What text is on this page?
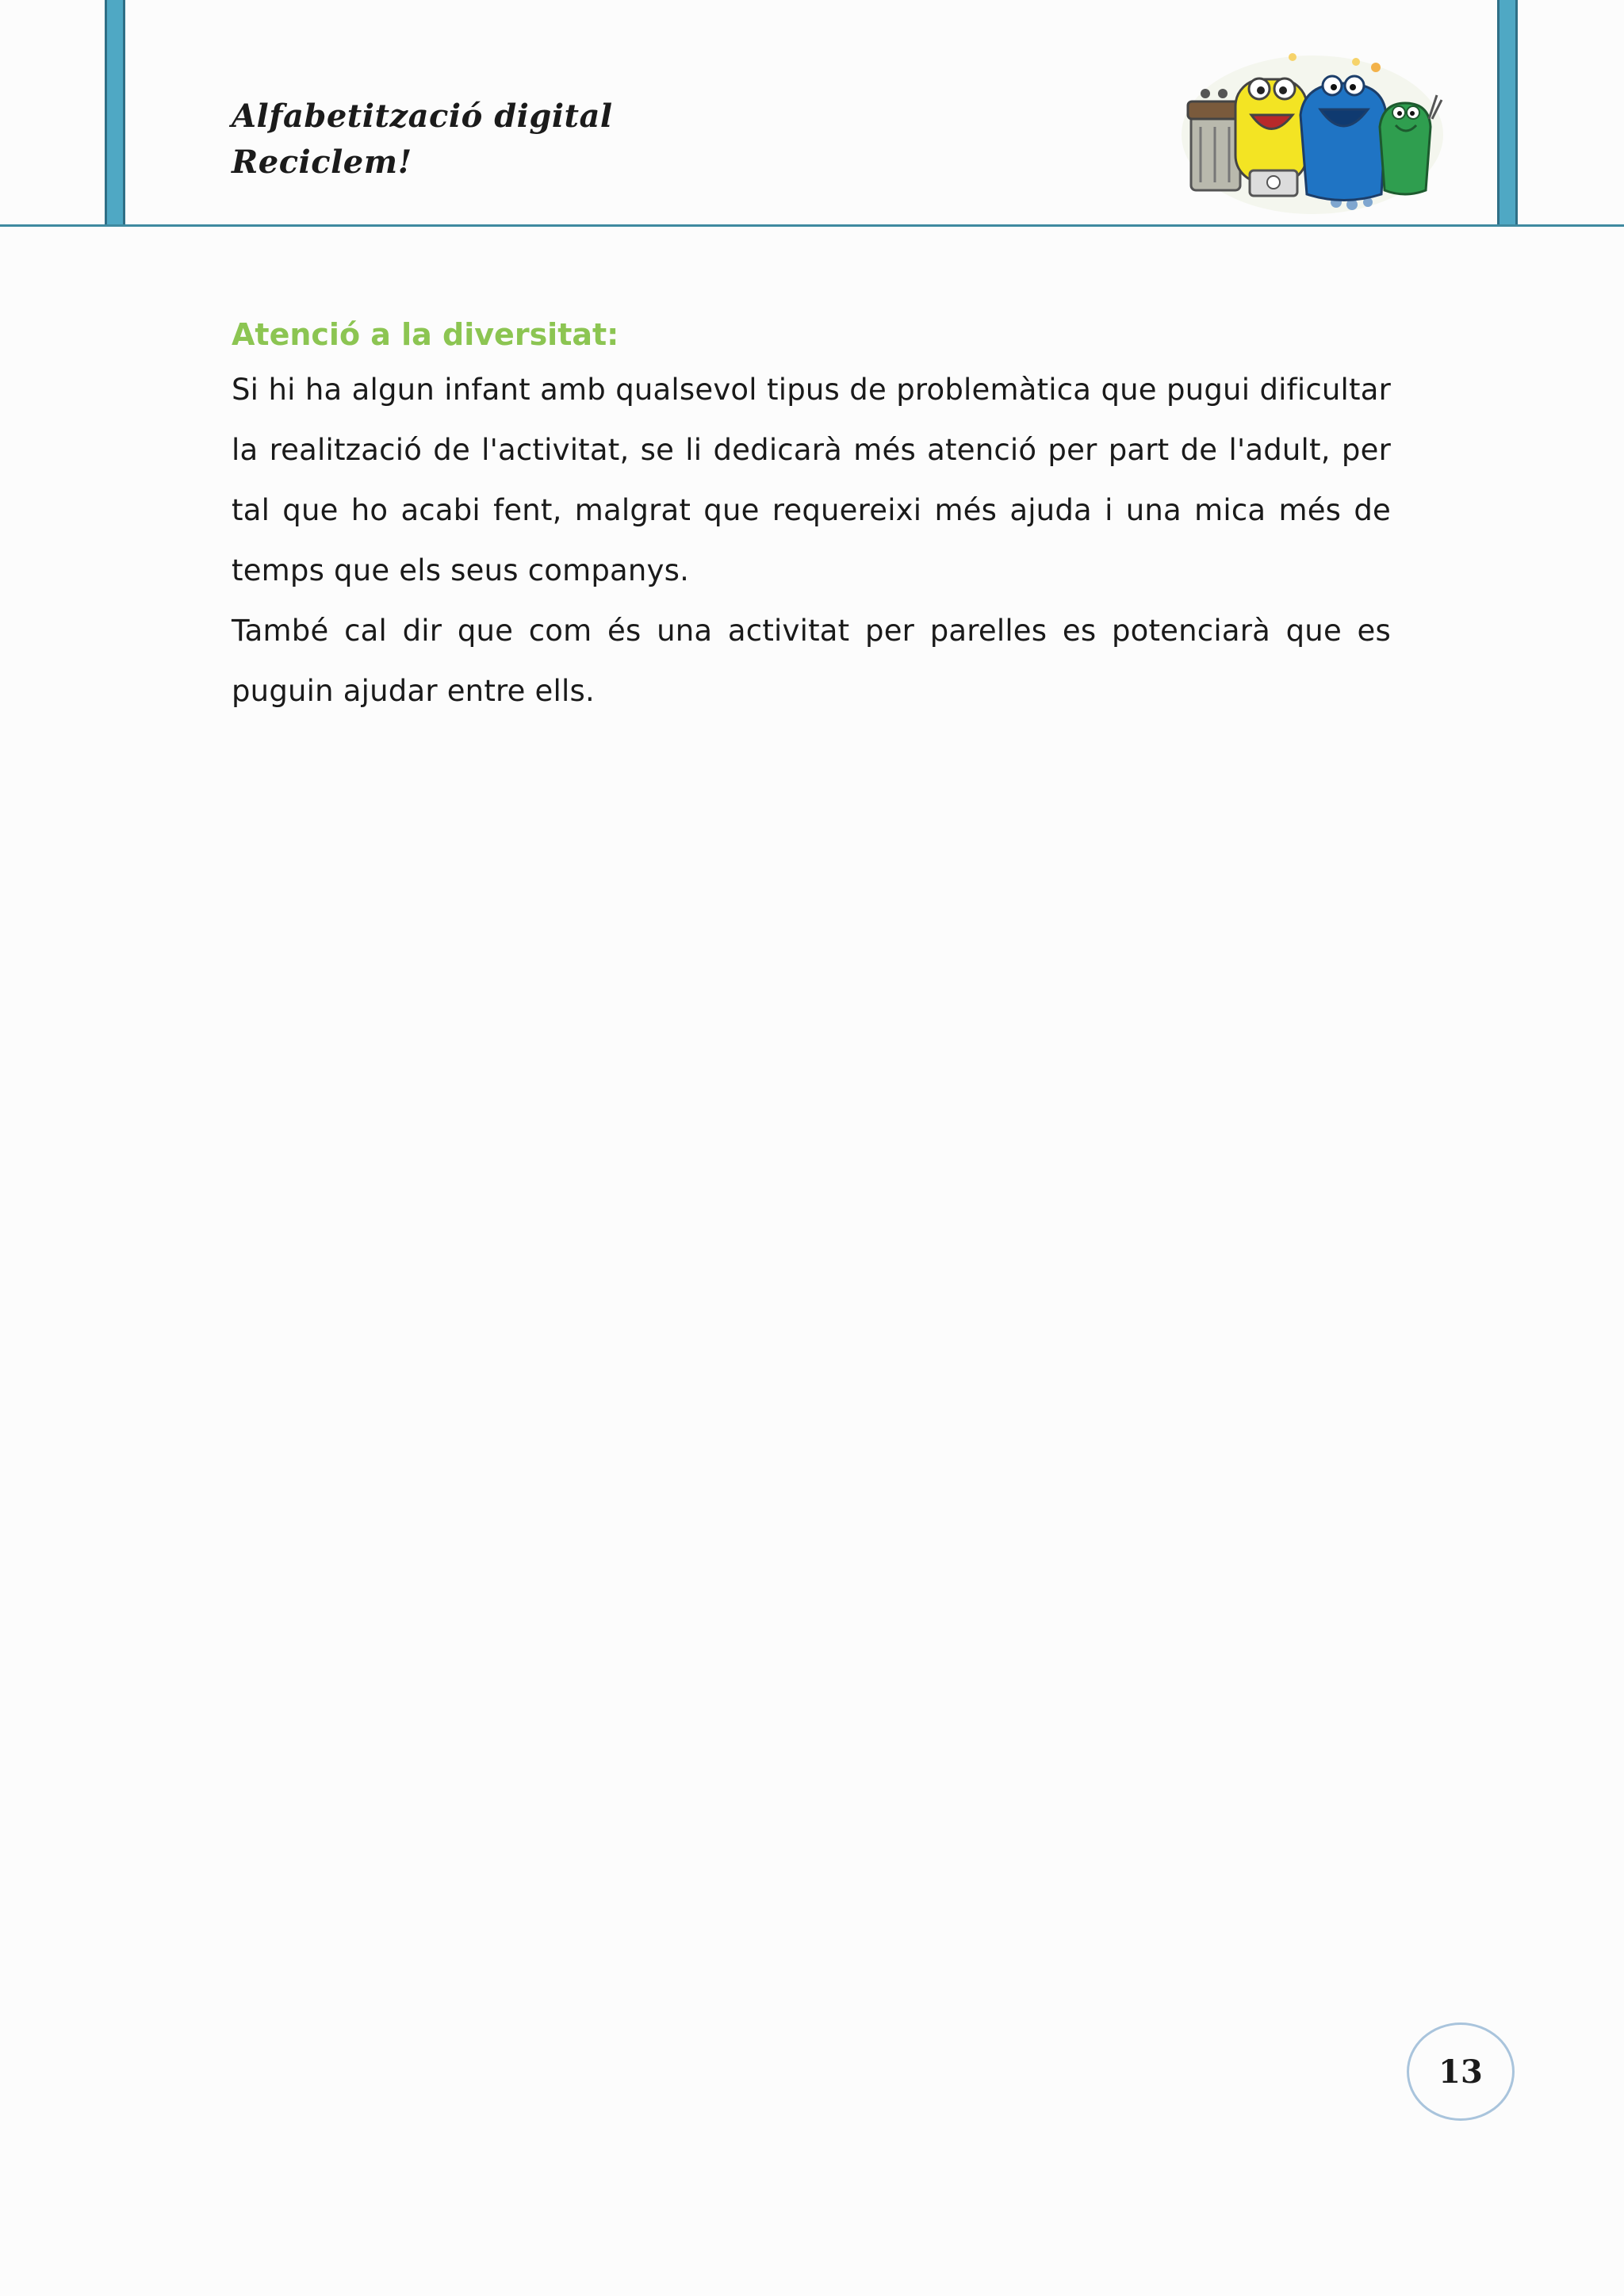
Alfabetització digital
Reciclem!

Atenció a la diversitat:

Si hi ha algun infant amb qualsevol tipus de problemàtica que pugui dificultar la realització de l'activitat, se li dedicarà més atenció per part de l'adult, per tal que ho acabi fent, malgrat que requereixi més ajuda i una mica més de temps que els seus companys.

També cal dir que com és una activitat per parelles es potenciarà que es puguin ajudar entre ells.

13
